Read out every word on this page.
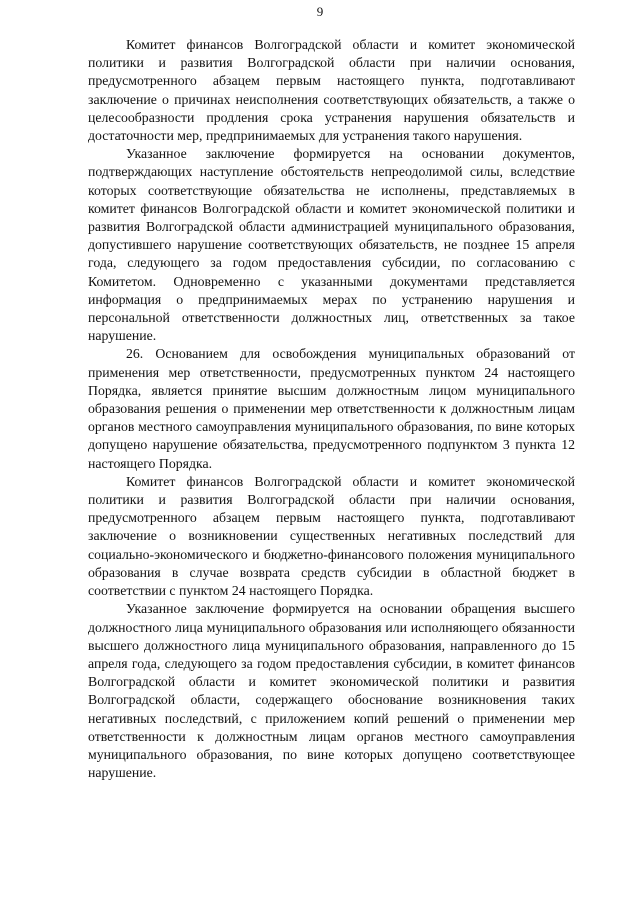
9

Комитет финансов Волгоградской области и комитет экономической политики и развития Волгоградской области при наличии основания, предусмотренного абзацем первым настоящего пункта, подготавливают заключение о причинах неисполнения соответствующих обязательств, а также о целесообразности продления срока устранения нарушения обязательств и достаточности мер, предпринимаемых для устранения такого нарушения.

Указанное заключение формируется на основании документов, подтверждающих наступление обстоятельств непреодолимой силы, вследствие которых соответствующие обязательства не исполнены, представляемых в комитет финансов Волгоградской области и комитет экономической политики и развития Волгоградской области администрацией муниципального образования, допустившего нарушение соответствующих обязательств, не позднее 15 апреля года, следующего за годом предоставления субсидии, по согласованию с Комитетом. Одновременно с указанными документами представляется информация о предпринимаемых мерах по устранению нарушения и персональной ответственности должностных лиц, ответственных за такое нарушение.

26. Основанием для освобождения муниципальных образований от применения мер ответственности, предусмотренных пунктом 24 настоящего Порядка, является принятие высшим должностным лицом муниципального образования решения о применении мер ответственности к должностным лицам органов местного самоуправления муниципального образования, по вине которых допущено нарушение обязательства, предусмотренного подпунктом 3 пункта 12 настоящего Порядка.

Комитет финансов Волгоградской области и комитет экономической политики и развития Волгоградской области при наличии основания, предусмотренного абзацем первым настоящего пункта, подготавливают заключение о возникновении существенных негативных последствий для социально-экономического и бюджетно-финансового положения муниципального образования в случае возврата средств субсидии в областной бюджет в соответствии с пунктом 24 настоящего Порядка.

Указанное заключение формируется на основании обращения высшего должностного лица муниципального образования или исполняющего обязанности высшего должностного лица муниципального образования, направленного до 15 апреля года, следующего за годом предоставления субсидии, в комитет финансов Волгоградской области и комитет экономической политики и развития Волгоградской области, содержащего обоснование возникновения таких негативных последствий, с приложением копий решений о применении мер ответственности к должностным лицам органов местного самоуправления муниципального образования, по вине которых допущено соответствующее нарушение.
